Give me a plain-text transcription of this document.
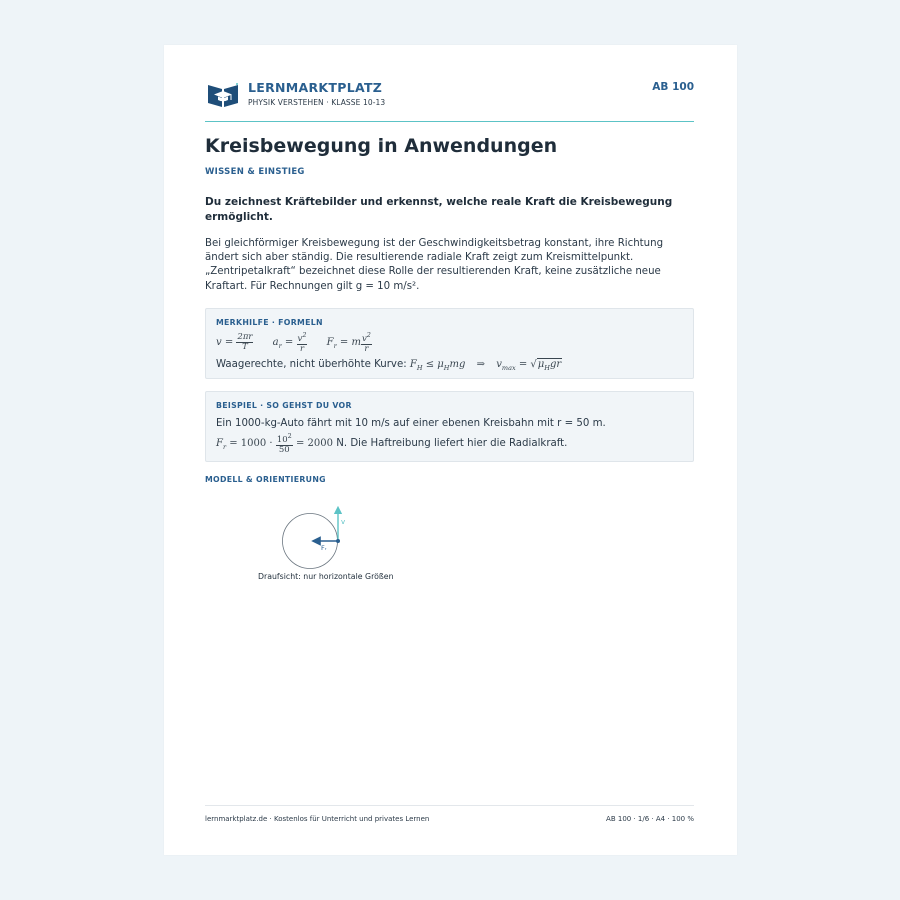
LERNMARKTPLATZ
PHYSIK VERSTEHEN · KLASSE 10-13
AB 100
Kreisbewegung in Anwendungen
WISSEN & EINSTIEG
Du zeichnest Kräftebilder und erkennst, welche reale Kraft die Kreisbewegung ermöglicht.
Bei gleichförmiger Kreisbewegung ist der Geschwindigkeitsbetrag konstant, ihre Richtung ändert sich aber ständig. Die resultierende radiale Kraft zeigt zum Kreismittelpunkt. „Zentripetalkraft“ bezeichnet diese Rolle der resultierenden Kraft, keine zusätzliche neue Kraftart. Für Rechnungen gilt g = 10 m/s².
MERKHILFE · FORMELN
$v = \frac{2\pi r}{T} a_r = \frac{v^2}{r} F_r = m \frac{v^2}{r}$
Waagerechte, nicht überhöhte Kurve: $F_H \le \mu_Hmg$ ⇒ $v_{max} = √\mu_Hgr$
BEISPIEL · SO GEHST DU VOR
Ein 1000-kg-Auto fährt mit 10 m/s auf einer ebenen Kreisbahn mit r = 50 m.
$F_r = 1000 \cdot \frac{10^2}{50} = 2000$ N. Die Haftreibung liefert hier die Radialkraft.
MODELL & ORIENTIERUNG
v
Fᵣ
Draufsicht: nur horizontale Größen
lernmarktplatz.de · Kostenlos für Unterricht und privates Lernen	AB 100 · 1/6 · A4 · 100 %
